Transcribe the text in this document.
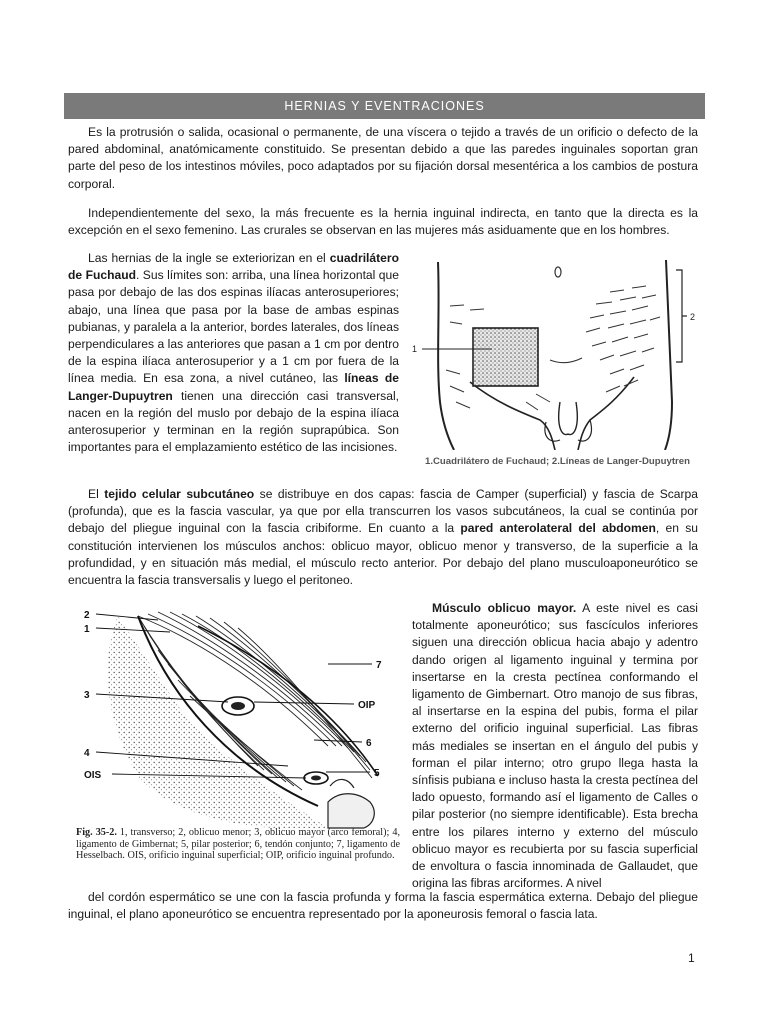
HERNIAS Y EVENTRACIONES

Es la protrusión o salida, ocasional o permanente, de una víscera o tejido a través de un orificio o defecto de la pared abdominal, anatómicamente constituido. Se presentan debido a que las paredes inguinales soportan gran parte del peso de los intestinos móviles, poco adaptados por su fijación dorsal mesentérica a los cambios de postura corporal.

Independientemente del sexo, la más frecuente es la hernia inguinal indirecta, en tanto que la directa es la excepción en el sexo femenino. Las crurales se observan en las mujeres más asiduamente que en los hombres.

Las hernias de la ingle se exteriorizan en el cuadrilátero de Fuchaud. Sus límites son: arriba, una línea horizontal que pasa por debajo de las dos espinas ilíacas anterosuperiores; abajo, una línea que pasa por la base de ambas espinas pubianas, y paralela a la anterior, bordes laterales, dos líneas perpendiculares a las anteriores que pasan a 1 cm por dentro de la espina ilíaca anterosuperior y a 1 cm por fuera de la línea media. En esa zona, a nivel cutáneo, las líneas de Langer-Dupuytren tienen una dirección casi transversal, nacen en la región del muslo por debajo de la espina ilíaca anterosuperior y terminan en la región suprapúbica. Son importantes para el emplazamiento estético de las incisiones.

2
1
1.Cuadrilátero de Fuchaud; 2.Líneas de Langer-Dupuytren

El tejido celular subcutáneo se distribuye en dos capas: fascia de Camper (superficial) y fascia de Scarpa (profunda), que es la fascia vascular, ya que por ella transcurren los vasos subcutáneos, la cual se continúa por debajo del pliegue inguinal con la fascia cribiforme. En cuanto a la pared anterolateral del abdomen, en su constitución intervienen los músculos anchos: oblicuo mayor, oblicuo menor y transverso, de la superficie a la profundidad, y en situación más medial, el músculo recto anterior. Por debajo del plano musculoaponeurótico se encuentra la fascia transversalis y luego el peritoneo.

2
1
3
4
OIS
7
OIP
6
5
Fig. 35-2. 1, transverso; 2, oblicuo menor; 3, oblicuo mayor (arco femoral); 4, ligamento de Gimbernat; 5, pilar posterior; 6, tendón conjunto; 7, ligamento de Hesselbach. OIS, orificio inguinal superficial; OIP, orificio inguinal profundo.

Músculo oblicuo mayor. A este nivel es casi totalmente aponeurótico; sus fascículos inferiores siguen una dirección oblicua hacia abajo y adentro dando origen al ligamento inguinal y termina por insertarse en la cresta pectínea conformando el ligamento de Gimbernart. Otro manojo de sus fibras, al insertarse en la espina del pubis, forma el pilar externo del orificio inguinal superficial. Las fibras más mediales se insertan en el ángulo del pubis y forman el pilar interno; otro grupo llega hasta la sínfisis pubiana e incluso hasta la cresta pectínea del lado opuesto, formando así el ligamento de Calles o pilar posterior (no siempre identificable). Esta brecha entre los pilares interno y externo del músculo oblicuo mayor es recubierta por su fascia superficial de envoltura o fascia innominada de Gallaudet, que origina las fibras arciformes. A nivel

del cordón espermático se une con la fascia profunda y forma la fascia espermática externa. Debajo del pliegue inguinal, el plano aponeurótico se encuentra representado por la aponeurosis femoral o fascia lata.

1
